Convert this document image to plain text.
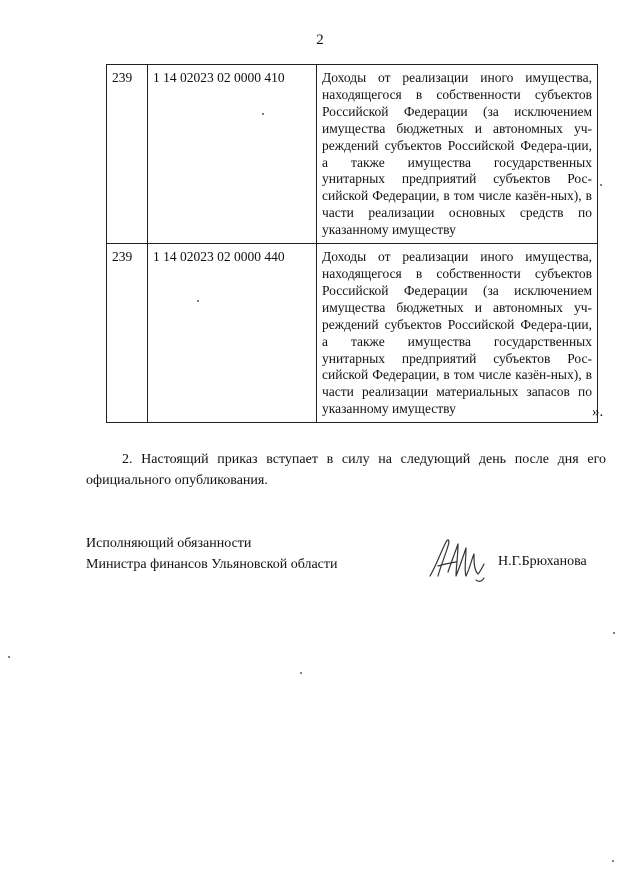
2
239	1 14 02023 02 0000 410	Доходы от реализации иного имущества, находящегося в собственности субъектов Российской Федерации (за исключением имущества бюджетных и автономных уч-реждений субъектов Российской Федера-ции, а также имущества государственных унитарных предприятий субъектов Рос-сийской Федерации, в том числе казён-ных), в части реализации основных средств по указанному имуществу
239	1 14 02023 02 0000 440	Доходы от реализации иного имущества, находящегося в собственности субъектов Российской Федерации (за исключением имущества бюджетных и автономных уч-реждений субъектов Российской Федера-ции, а также имущества государственных унитарных предприятий субъектов Рос-сийской Федерации, в том числе казён-ных), в части реализации материальных запасов по указанному имуществу	».
2. Настоящий приказ вступает в силу на следующий день после дня его официального опубликования.
Исполняющий обязанности
Министра финансов Ульяновской области	Н.Г.Брюханова
